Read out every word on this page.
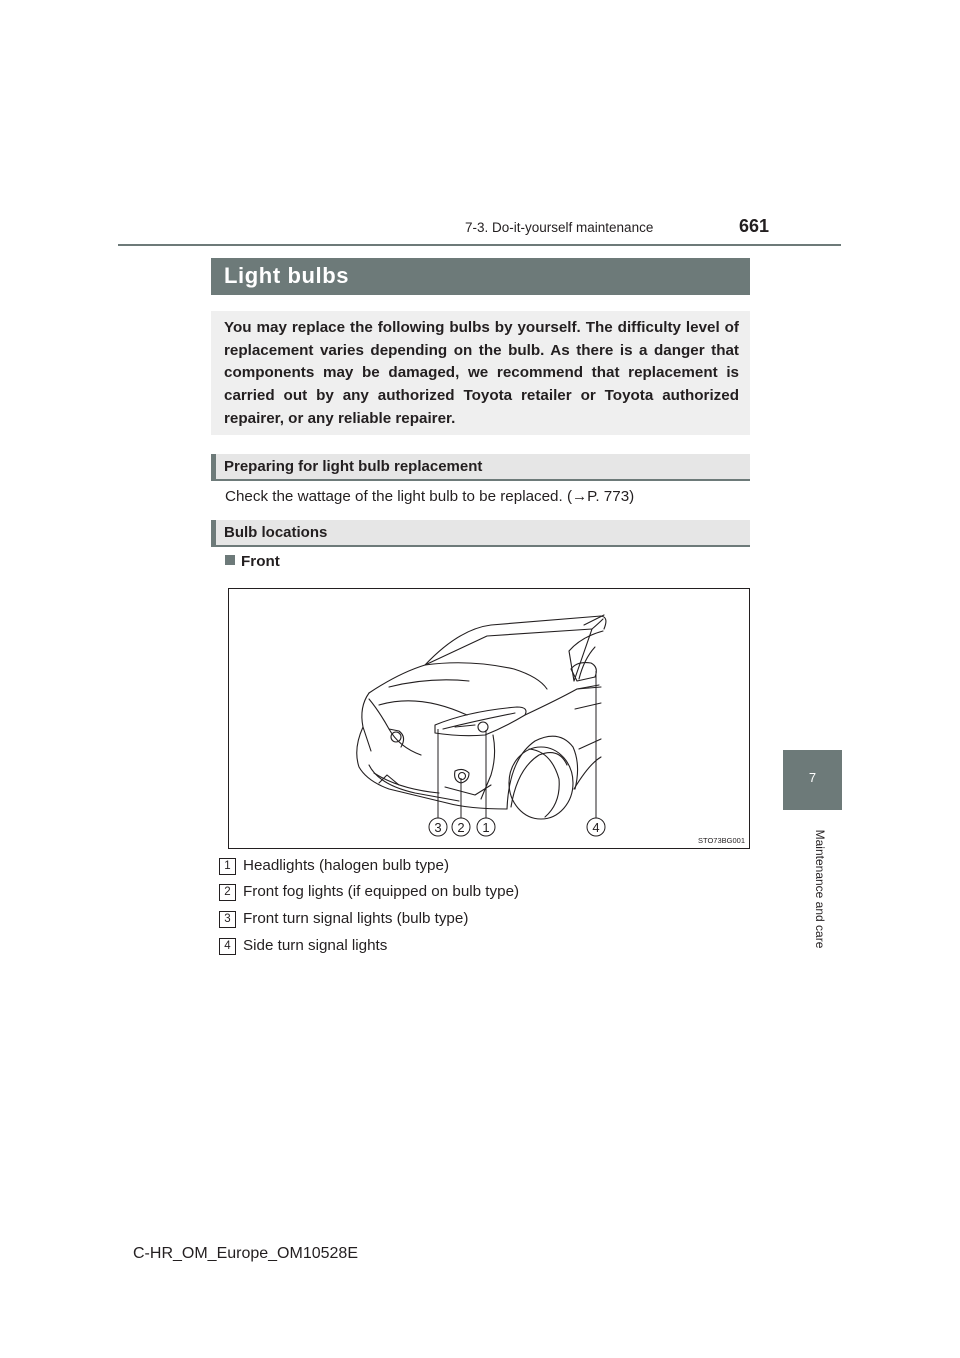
7-3. Do-it-yourself maintenance	661
7
Maintenance and care
Light bulbs

You may replace the following bulbs by yourself. The difficulty level of replacement varies depending on the bulb. As there is a danger that components may be damaged, we recommend that replacement is carried out by any authorized Toyota retailer or Toyota authorized repairer, or any reliable repairer.

Preparing for light bulb replacement
Check the wattage of the light bulb to be replaced. (→P. 773)
Bulb locations
Front
3 2 1	4
STO73BG001
1 Headlights (halogen bulb type)
2 Front fog lights (if equipped on bulb type)
3 Front turn signal lights (bulb type)
4 Side turn signal lights
C-HR_OM_Europe_OM10528E
